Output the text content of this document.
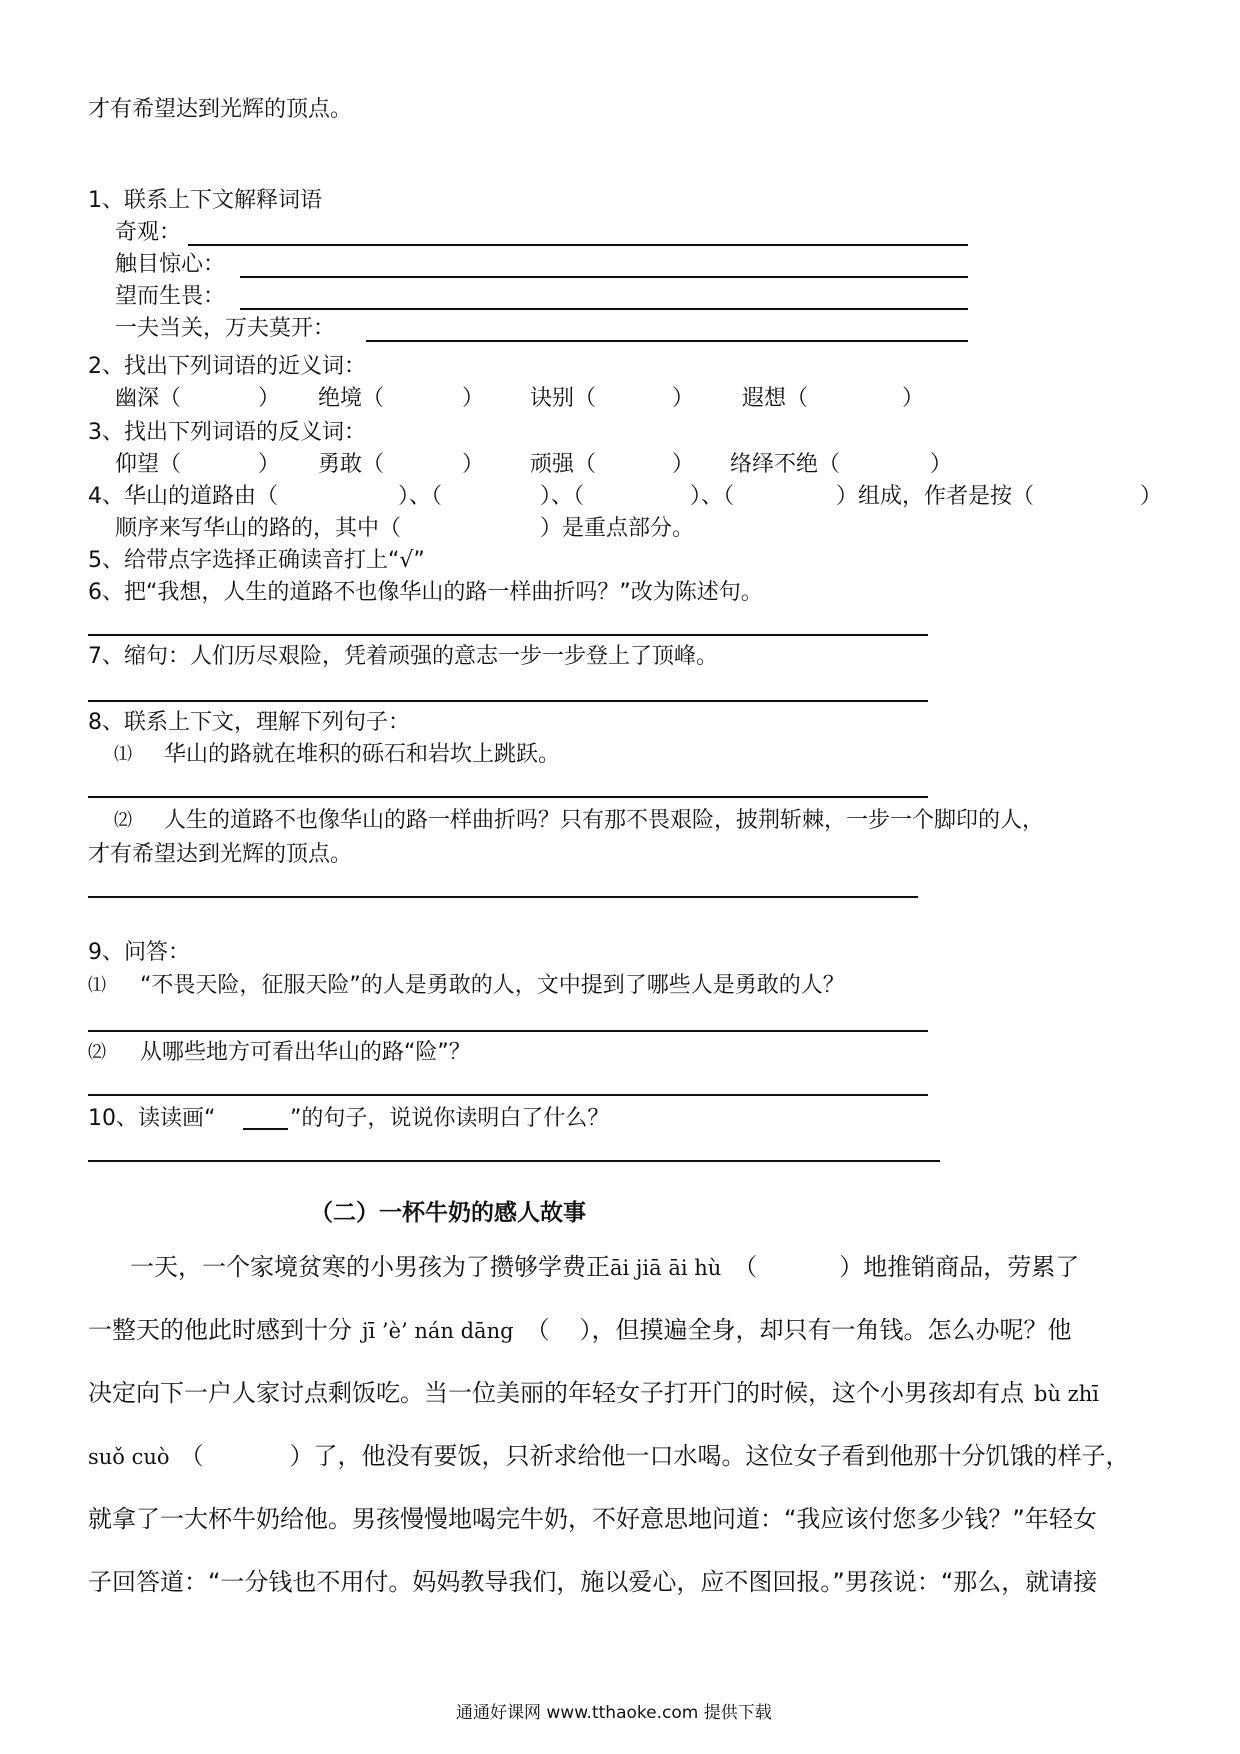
才有希望达到光辉的顶点。
1、联系上下文解释词语
奇观：
触目惊心：
望而生畏：
一夫当关，万夫莫开：
2、找出下列词语的近义词：
幽深（	） 绝境（	） 诀别（	） 遐想（	）
3、找出下列词语的反义词：
仰望（	） 勇敢（	） 顽强（	） 络绎不绝（	）
4、华山的道路由（	）、（	）、（	）、（	）组成，作者是按（	）
顺序来写华山的路的，其中（	）是重点部分。
5、给带点字选择正确读音打上“√”
6、把“我想，人生的道路不也像华山的路一样曲折吗？”改为陈述句。
7、缩句：人们历尽艰险，凭着顽强的意志一步一步登上了顶峰。
8、联系上下文，理解下列句子：
⑴ 华山的路就在堆积的砾石和岩坎上跳跃。
⑵ 人生的道路不也像华山的路一样曲折吗？只有那不畏艰险，披荆斩棘，一步一个脚印的人，
才有希望达到光辉的顶点。
9、问答：
⑴ “不畏天险，征服天险”的人是勇敢的人，文中提到了哪些人是勇敢的人？
⑵ 从哪些地方可看出华山的路“险”？
10、读读画“	”的句子，说说你读明白了什么？
（二）一杯牛奶的感人故事
一天，一个家境贫寒的小男孩为了攒够学费正āi jiā āi hù （	）地推销商品，劳累了
一整天的他此时感到十分 jī ’è’ nán dāng （ ），但摸遍全身，却只有一角钱。怎么办呢？他
决定向下一户人家讨点剩饭吃。当一位美丽的年轻女子打开门的时候，这个小男孩却有点 bù zhī
suǒ cuò （	）了，他没有要饭，只祈求给他一口水喝。这位女子看到他那十分饥饿的样子，
就拿了一大杯牛奶给他。男孩慢慢地喝完牛奶，不好意思地问道：“我应该付您多少钱？”年轻女
子回答道：“一分钱也不用付。妈妈教导我们，施以爱心，应不图回报。”男孩说：“那么，就请接
通通好课网 www.tthaoke.com 提供下载
